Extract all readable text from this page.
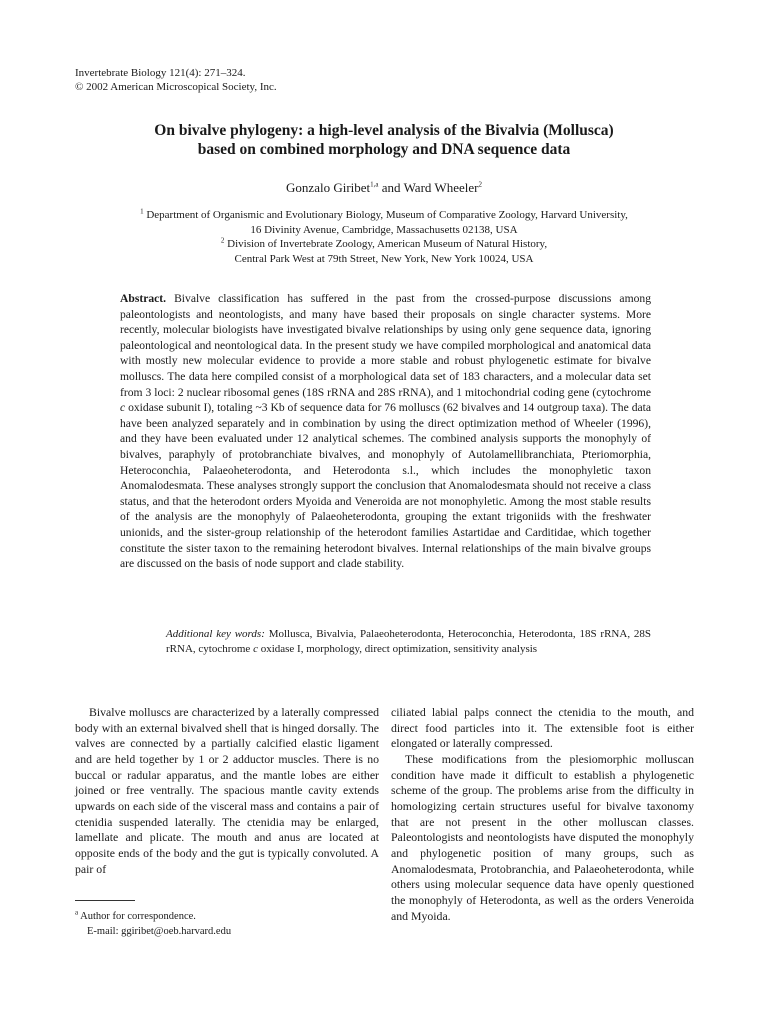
Invertebrate Biology 121(4): 271–324.
© 2002 American Microscopical Society, Inc.
On bivalve phylogeny: a high-level analysis of the Bivalvia (Mollusca)
based on combined morphology and DNA sequence data
Gonzalo Giribet$^{1,a}$ and Ward Wheeler$^2$
$^1$ Department of Organismic and Evolutionary Biology, Museum of Comparative Zoology, Harvard University,
16 Divinity Avenue, Cambridge, Massachusetts 02138, USA
$^2$ Division of Invertebrate Zoology, American Museum of Natural History,
Central Park West at 79th Street, New York, New York 10024, USA
Abstract. Bivalve classification has suffered in the past from the crossed-purpose discussions among paleontologists and neontologists, and many have based their proposals on single character systems. More recently, molecular biologists have investigated bivalve relationships by using only gene sequence data, ignoring paleontological and neontological data. In the present study we have compiled morphological and anatomical data with mostly new molecular evidence to provide a more stable and robust phylogenetic estimate for bivalve molluscs. The data here compiled consist of a morphological data set of 183 characters, and a molecular data set from 3 loci: 2 nuclear ribosomal genes (18S rRNA and 28S rRNA), and 1 mitochondrial coding gene (cytochrome c oxidase subunit I), totaling ~3 Kb of sequence data for 76 molluscs (62 bivalves and 14 outgroup taxa). The data have been analyzed separately and in combination by using the direct optimization method of Wheeler (1996), and they have been evaluated under 12 analytical schemes. The combined analysis supports the monophyly of bivalves, paraphyly of protobranchiate bivalves, and monophyly of Autolamellibranchiata, Pteriomorphia, Heteroconchia, Palaeoheterodonta, and Heterodonta s.l., which includes the monophyletic taxon Anomalodesmata. These analyses strongly support the conclusion that Anomalodesmata should not receive a class status, and that the heterodont orders Myoida and Veneroida are not monophyletic. Among the most stable results of the analysis are the monophyly of Palaeoheterodonta, grouping the extant trigoniids with the freshwater unionids, and the sister-group relationship of the heterodont families Astartidae and Carditidae, which together constitute the sister taxon to the remaining heterodont bivalves. Internal relationships of the main bivalve groups are discussed on the basis of node support and clade stability.
Additional key words: Mollusca, Bivalvia, Palaeoheterodonta, Heteroconchia, Heterodonta, 18S rRNA, 28S rRNA, cytochrome c oxidase I, morphology, direct optimization, sensitivity analysis

Bivalve molluscs are characterized by a laterally compressed body with an external bivalved shell that is hinged dorsally. The valves are connected by a partially calcified elastic ligament and are held together by 1 or 2 adductor muscles. There is no buccal or radular apparatus, and the mantle lobes are either joined or free ventrally. The spacious mantle cavity extends upwards on each side of the visceral mass and contains a pair of ctenidia suspended laterally. The ctenidia may be enlarged, lamellate and plicate. The mouth and anus are located at opposite ends of the body and the gut is typically convoluted. A pair of

ciliated labial palps connect the ctenidia to the mouth, and direct food particles into it. The extensible foot is either elongated or laterally compressed.

These modifications from the plesiomorphic molluscan condition have made it difficult to establish a phylogenetic scheme of the group. The problems arise from the difficulty in homologizing certain structures useful for bivalve taxonomy that are not present in the other molluscan classes. Paleontologists and neontologists have disputed the monophyly and phylogenetic position of many groups, such as Anomalodesmata, Protobranchia, and Palaeoheterodonta, while others using molecular sequence data have openly questioned the monophyly of Heterodonta, as well as the orders Veneroida and Myoida.

$^a$ Author for correspondence.
E-mail: ggiribet@oeb.harvard.edu
